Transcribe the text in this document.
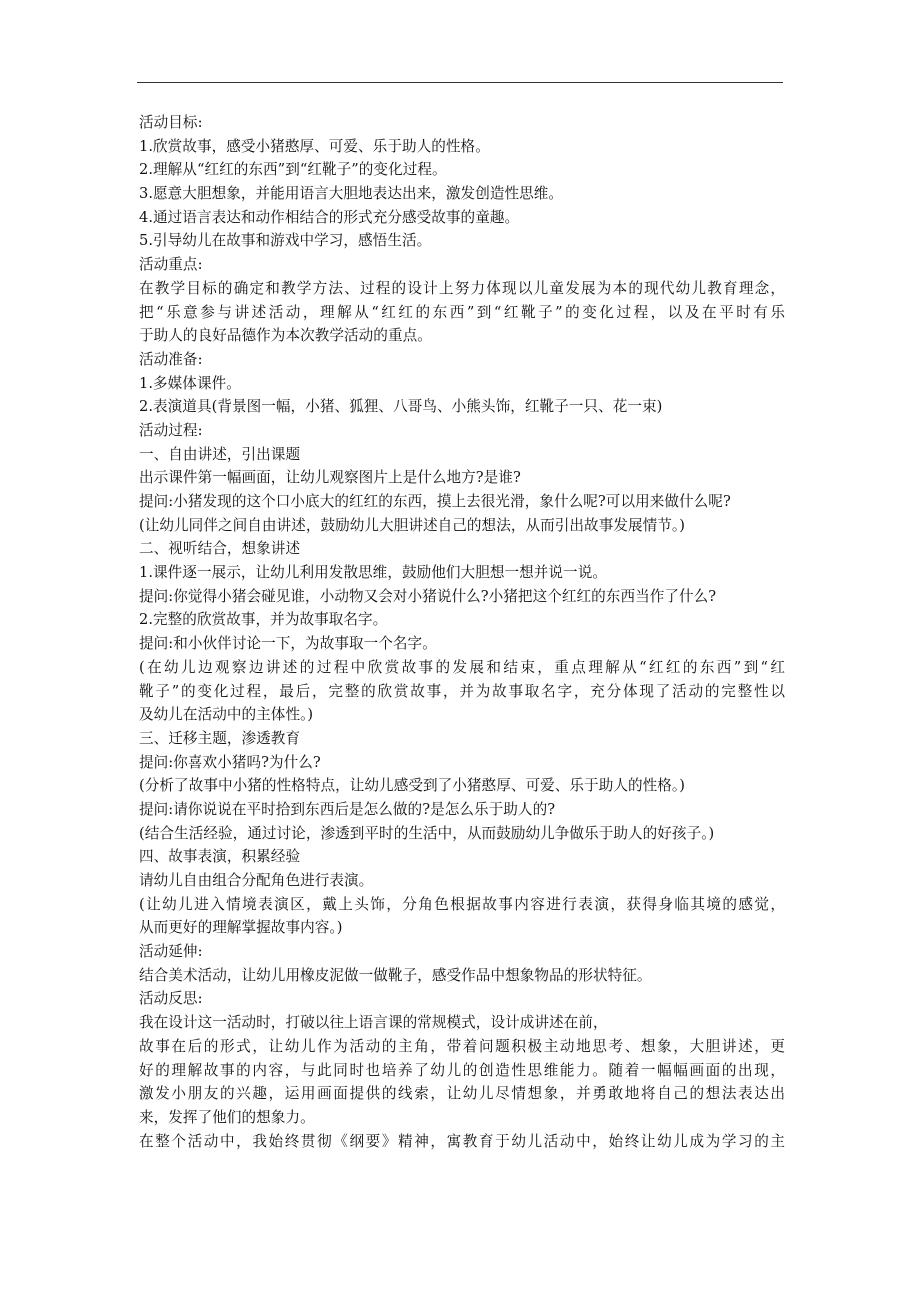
活动目标:
1.欣赏故事，感受小猪憨厚、可爱、乐于助人的性格。
2.理解从“红红的东西”到“红靴子”的变化过程。
3.愿意大胆想象，并能用语言大胆地表达出来，激发创造性思维。
4.通过语言表达和动作相结合的形式充分感受故事的童趣。
5.引导幼儿在故事和游戏中学习，感悟生活。
活动重点:
在教学目标的确定和教学方法、过程的设计上努力体现以儿童发展为本的现代幼儿教育理念，
把“乐意参与讲述活动，理解从“红红的东西”到“红靴子”的变化过程，以及在平时有乐
于助人的良好品德作为本次教学活动的重点。
活动准备:
1.多媒体课件。
2.表演道具(背景图一幅，小猪、狐狸、八哥鸟、小熊头饰，红靴子一只、花一束)
活动过程:
一、自由讲述，引出课题
出示课件第一幅画面，让幼儿观察图片上是什么地方?是谁?
提问:小猪发现的这个口小底大的红红的东西，摸上去很光滑，象什么呢?可以用来做什么呢?
(让幼儿同伴之间自由讲述，鼓励幼儿大胆讲述自己的想法，从而引出故事发展情节。)
二、视听结合，想象讲述
1.课件逐一展示，让幼儿利用发散思维，鼓励他们大胆想一想并说一说。
提问:你觉得小猪会碰见谁，小动物又会对小猪说什么?小猪把这个红红的东西当作了什么?
2.完整的欣赏故事，并为故事取名字。
提问:和小伙伴讨论一下，为故事取一个名字。
(在幼儿边观察边讲述的过程中欣赏故事的发展和结束，重点理解从“红红的东西”到“红
靴子”的变化过程，最后，完整的欣赏故事，并为故事取名字，充分体现了活动的完整性以
及幼儿在活动中的主体性。)
三、迁移主题，渗透教育
提问:你喜欢小猪吗?为什么?
(分析了故事中小猪的性格特点，让幼儿感受到了小猪憨厚、可爱、乐于助人的性格。)
提问:请你说说在平时拾到东西后是怎么做的?是怎么乐于助人的?
(结合生活经验，通过讨论，渗透到平时的生活中，从而鼓励幼儿争做乐于助人的好孩子。)
四、故事表演，积累经验
请幼儿自由组合分配角色进行表演。
(让幼儿进入情境表演区，戴上头饰，分角色根据故事内容进行表演，获得身临其境的感觉，
从而更好的理解掌握故事内容。)
活动延伸:
结合美术活动，让幼儿用橡皮泥做一做靴子，感受作品中想象物品的形状特征。
活动反思:
我在设计这一活动时，打破以往上语言课的常规模式，设计成讲述在前，
故事在后的形式，让幼儿作为活动的主角，带着问题积极主动地思考、想象，大胆讲述，更
好的理解故事的内容，与此同时也培养了幼儿的创造性思维能力。随着一幅幅画面的出现，
激发小朋友的兴趣，运用画面提供的线索，让幼儿尽情想象，并勇敢地将自己的想法表达出
来，发挥了他们的想象力。
在整个活动中，我始终贯彻《纲要》精神，寓教育于幼儿活动中，始终让幼儿成为学习的主
